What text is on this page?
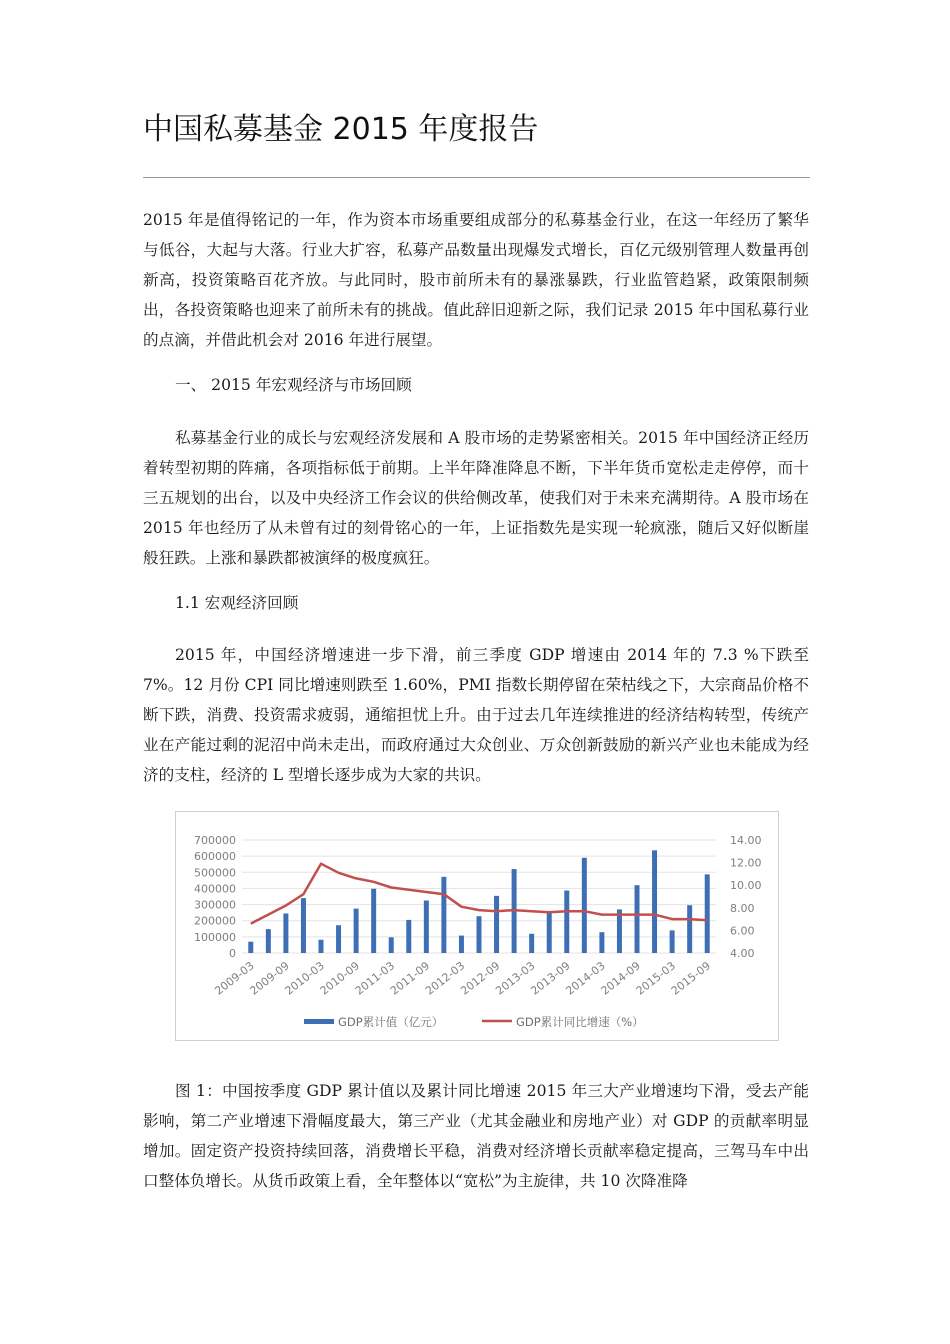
中国私募基金 2015 年度报告

2015 年是值得铭记的一年，作为资本市场重要组成部分的私募基金行业，在这一年经历了繁华与低谷，大起与大落。行业大扩容，私募产品数量出现爆发式增长，百亿元级别管理人数量再创新高，投资策略百花齐放。与此同时，股市前所未有的暴涨暴跌，行业监管趋紧，政策限制频出，各投资策略也迎来了前所未有的挑战。值此辞旧迎新之际，我们记录 2015 年中国私募行业的点滴，并借此机会对 2016 年进行展望。

一、 2015 年宏观经济与市场回顾

私募基金行业的成长与宏观经济发展和 A 股市场的走势紧密相关。2015 年中国经济正经历着转型初期的阵痛，各项指标低于前期。上半年降准降息不断，下半年货币宽松走走停停，而十三五规划的出台，以及中央经济工作会议的供给侧改革，使我们对于未来充满期待。A 股市场在 2015 年也经历了从未曾有过的刻骨铭心的一年，上证指数先是实现一轮疯涨，随后又好似断崖般狂跌。上涨和暴跌都被演绎的极度疯狂。

1.1 宏观经济回顾

2015 年，中国经济增速进一步下滑，前三季度 GDP 增速由 2014 年的 7.3 %下跌至 7%。12 月份 CPI 同比增速则跌至 1.60%，PMI 指数长期停留在荣枯线之下，大宗商品价格不断下跌，消费、投资需求疲弱，通缩担忧上升。由于过去几年连续推进的经济结构转型，传统产业在产能过剩的泥沼中尚未走出，而政府通过大众创业、万众创新鼓励的新兴产业也未能成为经济的支柱，经济的 L 型增长逐步成为大家的共识。

0
100000
200000
300000
400000
500000
600000
700000
4.00
6.00
8.00
10.00
12.00
14.00
2009-03
2009-09
2010-03
2010-09
2011-03
2011-09
2012-03
2012-09
2013-03
2013-09
2014-03
2014-09
2015-03
2015-09
GDP累计值（亿元）	GDP累计同比增速（%）

图 1：中国按季度 GDP 累计值以及累计同比增速 2015 年三大产业增速均下滑，受去产能影响，第二产业增速下滑幅度最大，第三产业（尤其金融业和房地产业）对 GDP 的贡献率明显增加。固定资产投资持续回落，消费增长平稳，消费对经济增长贡献率稳定提高，三驾马车中出口整体负增长。从货币政策上看，全年整体以“宽松”为主旋律，共 10 次降准降
